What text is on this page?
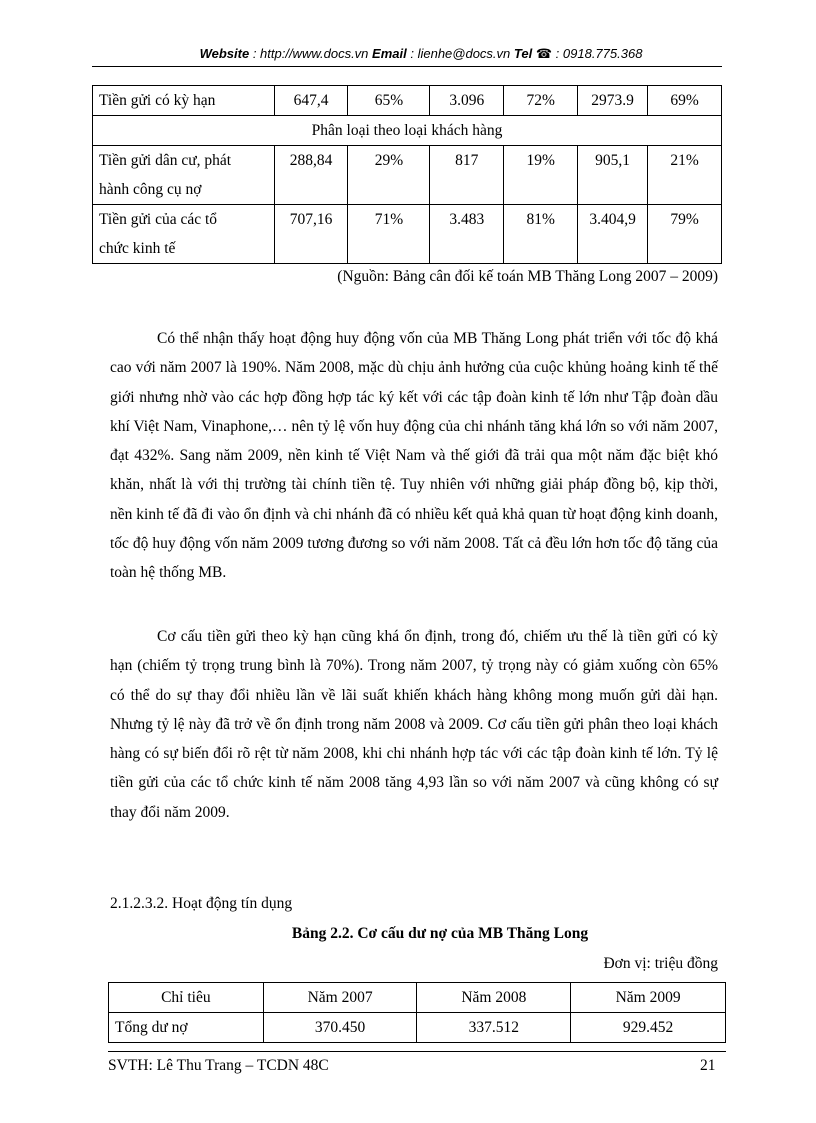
Website : http://www.docs.vn Email : lienhe@docs.vn Tel ☎ : 0918.775.368
Tiền gửi có kỳ hạn	647,4	65%	3.096	72%	2973.9	69%
Phân loại theo loại khách hàng						

Tiền gửi dân cư, phát
hành công cụ nợ	288,84	29%	817	19%	905,1	21%

Tiền gửi của các tổ
chức kinh tế	707,16	71%	3.483	81%	3.404,9	79%
(Nguồn: Bảng cân đối kế toán MB Thăng Long 2007 – 2009)

Có thể nhận thấy hoạt động huy động vốn của MB Thăng Long phát triển với tốc độ khá cao với năm 2007 là 190%. Năm 2008, mặc dù chịu ảnh hưởng của cuộc khủng hoảng kinh tế thế giới nhưng nhờ vào các hợp đồng hợp tác ký kết với các tập đoàn kinh tế lớn như Tập đoàn dầu khí Việt Nam, Vinaphone,… nên tỷ lệ vốn huy động của chi nhánh tăng khá lớn so với năm 2007, đạt 432%. Sang năm 2009, nền kinh tế Việt Nam và thế giới đã trải qua một năm đặc biệt khó khăn, nhất là với thị trường tài chính tiền tệ. Tuy nhiên với những giải pháp đồng bộ, kịp thời, nền kinh tế đã đi vào ổn định và chi nhánh đã có nhiều kết quả khả quan từ hoạt động kinh doanh, tốc độ huy động vốn năm 2009 tương đương so với năm 2008. Tất cả đều lớn hơn tốc độ tăng của toàn hệ thống MB.

Cơ cấu tiền gửi theo kỳ hạn cũng khá ổn định, trong đó, chiếm ưu thế là tiền gửi có kỳ hạn (chiếm tỷ trọng trung bình là 70%). Trong năm 2007, tỷ trọng này có giảm xuống còn 65% có thể do sự thay đổi nhiều lần về lãi suất khiến khách hàng không mong muốn gửi dài hạn. Nhưng tỷ lệ này đã trở về ổn định trong năm 2008 và 2009. Cơ cấu tiền gửi phân theo loại khách hàng có sự biến đổi rõ rệt từ năm 2008, khi chi nhánh hợp tác với các tập đoàn kinh tế lớn. Tỷ lệ tiền gửi của các tổ chức kinh tế năm 2008 tăng 4,93 lần so với năm 2007 và cũng không có sự thay đổi năm 2009.

2.1.2.3.2. Hoạt động tín dụng
Bảng 2.2. Cơ cấu dư nợ của MB Thăng Long
Đơn vị: triệu đồng
Chỉ tiêu	Năm 2007	Năm 2008	Năm 2009
Tổng dư nợ	370.450	337.512	929.452
SVTH: Lê Thu Trang – TCDN 48C	21
